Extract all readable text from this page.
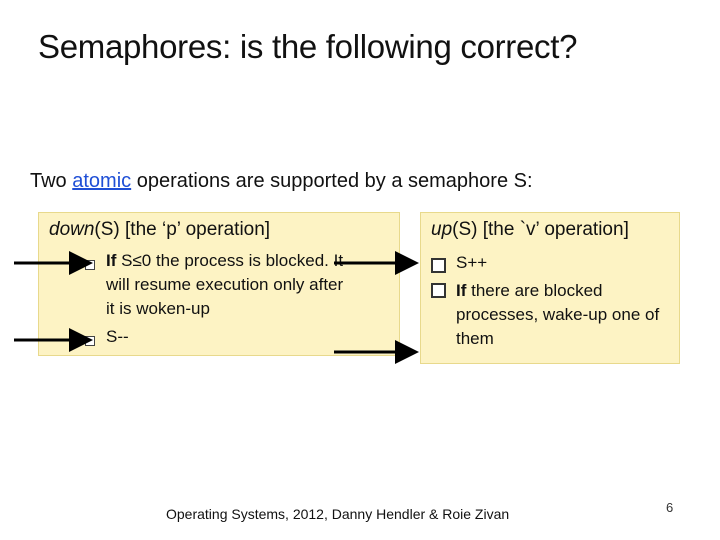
Semaphores: is the following correct?
Two atomic operations are supported by a semaphore S:
down(S) [the ‘p’ operation]
If S≤0 the process is blocked. It
will resume execution only after
it is woken-up
S--
up(S) [the `v’ operation]
S++
If there are blocked
processes, wake-up one of
them
Operating Systems, 2012, Danny Hendler & Roie Zivan	6
